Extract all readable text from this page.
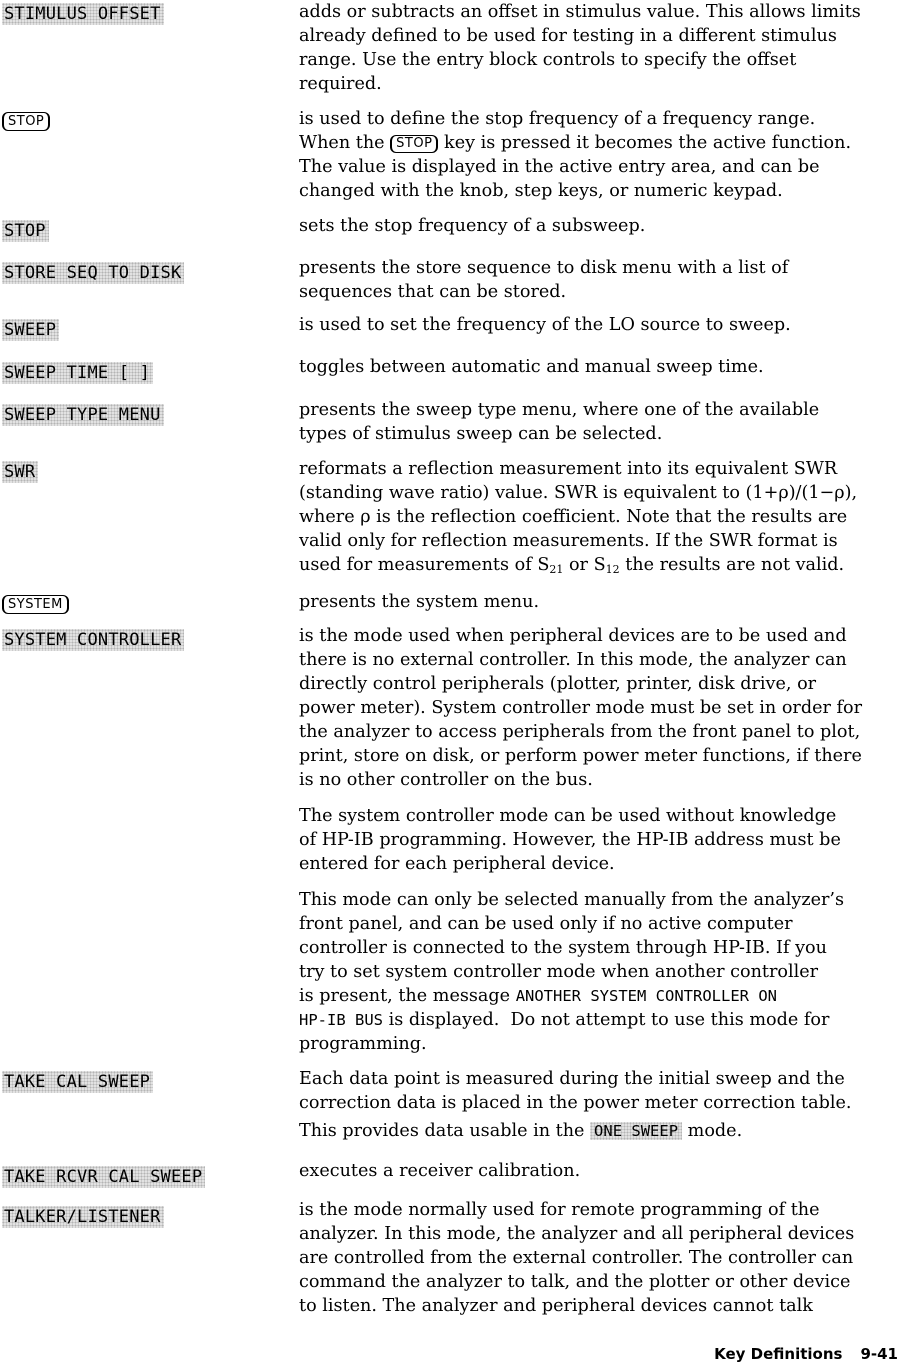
STIMULUS OFFSET	adds or subtracts an offset in stimulus value. This allows limits

already defined to be used for testing in a different stimulus

range. Use the entry block controls to specify the offset

required.

STOP	is used to define the stop frequency of a frequency range.

When the STOP key is pressed it becomes the active function.

The value is displayed in the active entry area, and can be

changed with the knob, step keys, or numeric keypad.

STOP	sets the stop frequency of a subsweep.

STORE SEQ TO DISK	presents the store sequence to disk menu with a list of

sequences that can be stored.

SWEEP	is used to set the frequency of the LO source to sweep.

SWEEP TIME [ ]	toggles between automatic and manual sweep time.

SWEEP TYPE MENU	presents the sweep type menu, where one of the available

types of stimulus sweep can be selected.

SWR	reformats a reflection measurement into its equivalent SWR

(standing wave ratio) value. SWR is equivalent to (1+ρ)/(1−ρ),

where ρ is the reflection coefficient. Note that the results are

valid only for reflection measurements. If the SWR format is

used for measurements of $S_{21}$ or $S_{12}$ the results are not valid.

SYSTEM	presents the system menu.

SYSTEM CONTROLLER	is the mode used when peripheral devices are to be used and

there is no external controller. In this mode, the analyzer can

directly control peripherals (plotter, printer, disk drive, or

power meter). System controller mode must be set in order for

the analyzer to access peripherals from the front panel to plot,

print, store on disk, or perform power meter functions, if there

is no other controller on the bus.

The system controller mode can be used without knowledge

of HP-IB programming. However, the HP-IB address must be

entered for each peripheral device.

This mode can only be selected manually from the analyzer’s

front panel, and can be used only if no active computer

controller is connected to the system through HP-IB. If you

try to set system controller mode when another controller

is present, the message ANOTHER SYSTEM CONTROLLER ON

HP-IB BUS is displayed.  Do not attempt to use this mode for

programming.

TAKE CAL SWEEP	Each data point is measured during the initial sweep and the

correction data is placed in the power meter correction table.

This provides data usable in the ONE SWEEP mode.

TAKE RCVR CAL SWEEP	executes a receiver calibration.

TALKER/LISTENER	is the mode normally used for remote programming of the

analyzer. In this mode, the analyzer and all peripheral devices

are controlled from the external controller. The controller can

command the analyzer to talk, and the plotter or other device

to listen. The analyzer and peripheral devices cannot talk

Key Definitions 9-41
